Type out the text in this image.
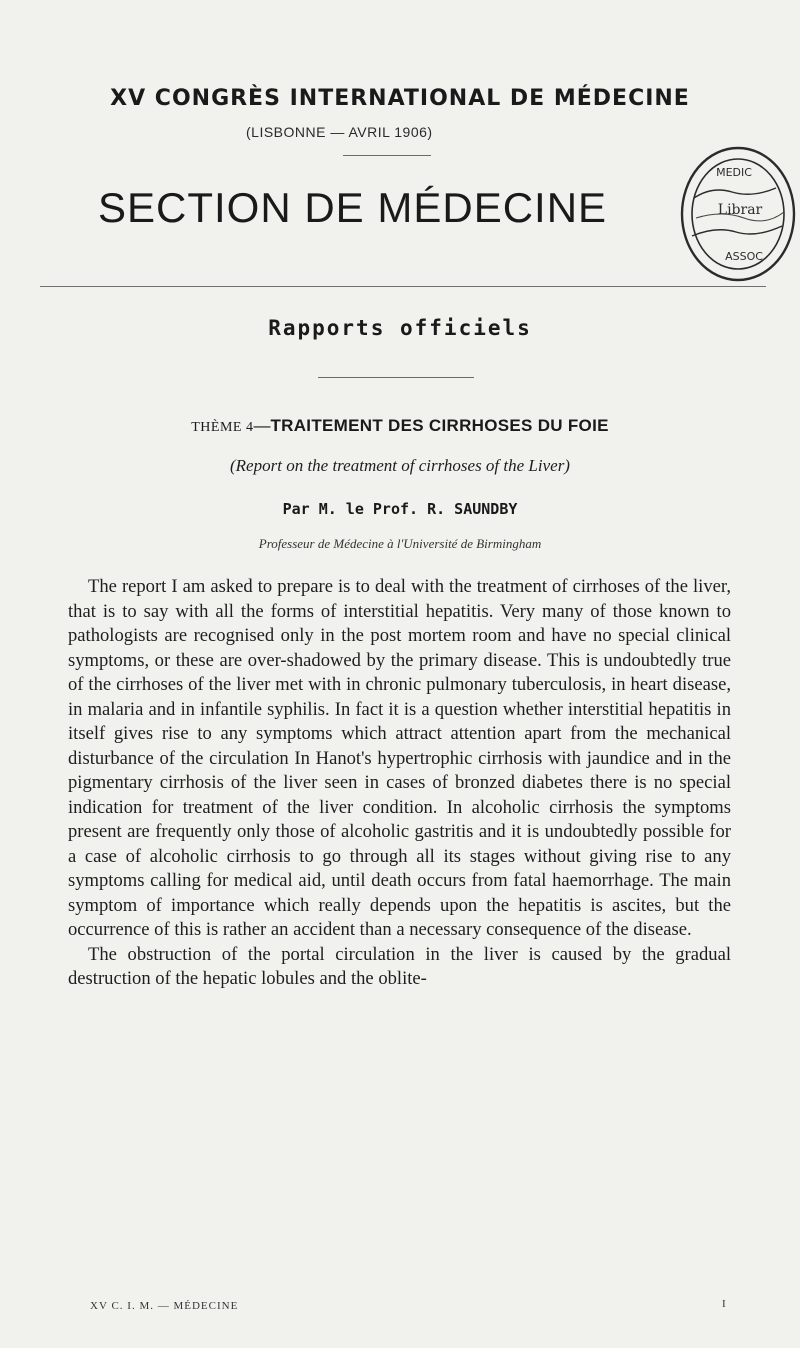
XV CONGRÈS INTERNATIONAL DE MÉDECINE
(LISBONNE — AVRIL 1906)
SECTION DE MÉDECINE
MEDIC
Librar
ASSOC
Rapports officiels
THÈME 4—TRAITEMENT DES CIRRHOSES DU FOIE
(Report on the treatment of cirrhoses of the Liver)
Par M. le Prof. R. SAUNDBY
Professeur de Médecine à l'Université de Birmingham

The report I am asked to prepare is to deal with the treatment of cirrhoses of the liver, that is to say with all the forms of interstitial hepatitis. Very many of those known to pathologists are recognised only in the post mortem room and have no special clinical symptoms, or these are over-shadowed by the primary disease. This is undoubtedly true of the cirrhoses of the liver met with in chronic pulmonary tuberculosis, in heart disease, in malaria and in infantile syphilis. In fact it is a question whether interstitial hepatitis in itself gives rise to any symptoms which attract attention apart from the mechanical disturbance of the circulation In Hanot's hypertrophic cirrhosis with jaundice and in the pigmentary cirrhosis of the liver seen in cases of bronzed diabetes there is no special indication for treatment of the liver condition. In alcoholic cirrhosis the symptoms present are frequently only those of alcoholic gastritis and it is undoubtedly possible for a case of alcoholic cirrhosis to go through all its stages without giving rise to any symptoms calling for medical aid, until death occurs from fatal haemorrhage. The main symptom of importance which really depends upon the hepatitis is ascites, but the occurrence of this is rather an accident than a necessary consequence of the disease.

The obstruction of the portal circulation in the liver is caused by the gradual destruction of the hepatic lobules and the oblite-

XV C. I. M. — MÉDECINE	I
